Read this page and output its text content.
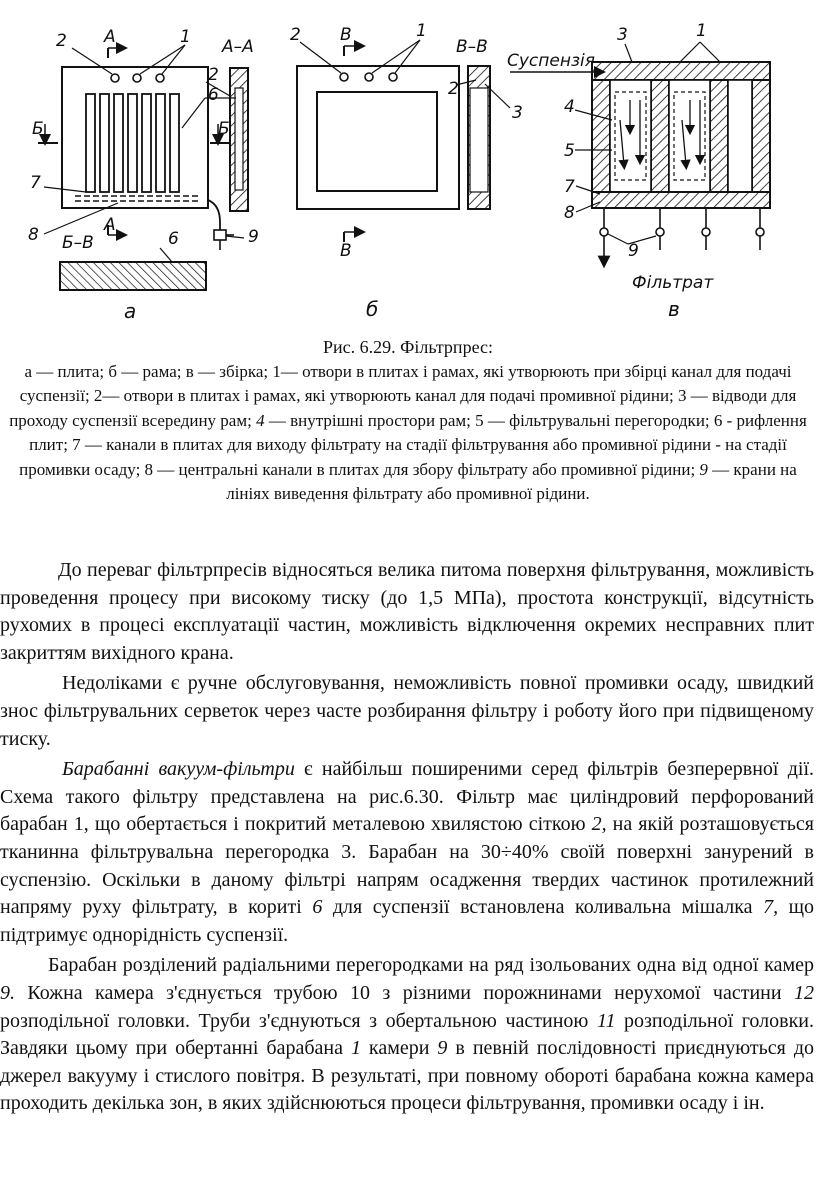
2 А	1 А–А
2
6
Б	Б
7
А
8	9
Б–В	6
а
2 В	1
В–В
2
3
В
б
Суспензія
3	1
4
5
7
8
9
Фільтрат
в
Рис. 6.29. Фільтрпрес:
а — плита; б — рама; в — збірка; 1— отвори в плитах і рамах, які утворюють при збірці канал для подачі суспензії; 2— отвори в плитах і рамах, які утворюють канал для подачі промивної рідини; 3 — відводи для проходу суспензії всередину рам; 4 — внутрішні простори рам; 5 — фільтрувальні перегородки; 6 - рифлення плит; 7 — канали в плитах для виходу фільтрату на стадії фільтрування або промивної рідини - на стадії промивки осаду; 8 — центральні канали в плитах для збору фільтрату або промивної рідини; 9 — крани на лініях виведення фільтрату або промивної рідини.

До переваг фільтрпресів відносяться велика питома поверхня фільтрування, можливість проведення процесу при високому тиску (до 1,5 МПа), простота конструкції, відсутність рухомих в процесі експлуатації частин, можливість відключення окремих несправних плит закриттям вихідного крана.

Недоліками є ручне обслуговування, неможливість повної промивки осаду, швидкий знос фільтрувальних серветок через часте розбирання фільтру і роботу його при підвищеному тиску.

Барабанні вакуум-фільтри є найбільш поширеними серед фільтрів безперервної дії. Схема такого фільтру представлена на рис.6.30. Фільтр має циліндровий перфорований барабан 1, що обертається і покритий металевою хвилястою сіткою 2, на якій розташовується тканинна фільтрувальна перегородка 3. Барабан на 30÷40% своїй поверхні занурений в суспензію. Оскільки в даному фільтрі напрям осадження твердих частинок протилежний напряму руху фільтрату, в кориті 6 для суспензії встановлена коливальна мішалка 7, що підтримує однорідність суспензії.

Барабан розділений радіальними перегородками на ряд ізольованих одна від одної камер 9. Кожна камера з'єднується трубою 10 з різними порожнинами нерухомої частини 12 розподільної головки. Труби з'єднуються з обертальною частиною 11 розподільної головки. Завдяки цьому при обертанні барабана 1 камери 9 в певній послідовності приєднуються до джерел вакууму і стислого повітря. В результаті, при повному обороті барабана кожна камера проходить декілька зон, в яких здійснюються процеси фільтрування, промивки осаду і ін.
